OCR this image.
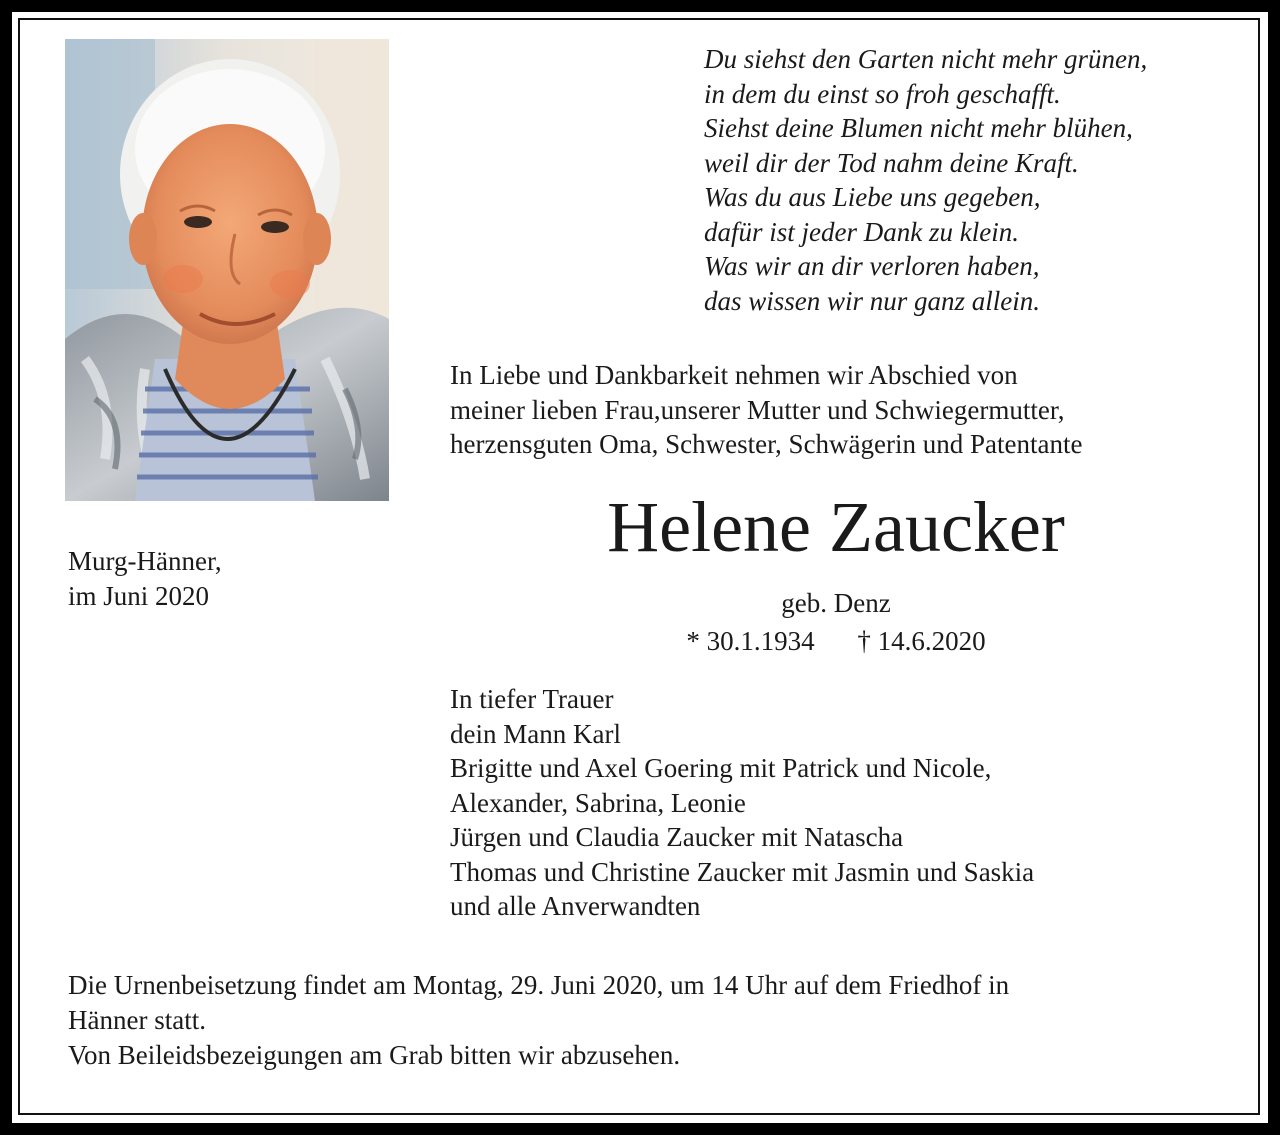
Du siehst den Garten nicht mehr grünen,
in dem du einst so froh geschafft.
Siehst deine Blumen nicht mehr blühen,
weil dir der Tod nahm deine Kraft.
Was du aus Liebe uns gegeben,
dafür ist jeder Dank zu klein.
Was wir an dir verloren haben,
das wissen wir nur ganz allein.
In Liebe und Dankbarkeit nehmen wir Abschied von
meiner lieben Frau,unserer Mutter und Schwiegermutter,
herzensguten Oma, Schwester, Schwägerin und Patentante
Helene Zaucker
geb. Denz
* 30.1.1934 † 14.6.2020
Murg-Hänner,
im Juni 2020
In tiefer Trauer
dein Mann Karl
Brigitte und Axel Goering mit Patrick und Nicole,
Alexander, Sabrina, Leonie
Jürgen und Claudia Zaucker mit Natascha
Thomas und Christine Zaucker mit Jasmin und Saskia
und alle Anverwandten
Die Urnenbeisetzung findet am Montag, 29. Juni 2020, um 14 Uhr auf dem Friedhof in
Hänner statt.
Von Beileidsbezeigungen am Grab bitten wir abzusehen.
